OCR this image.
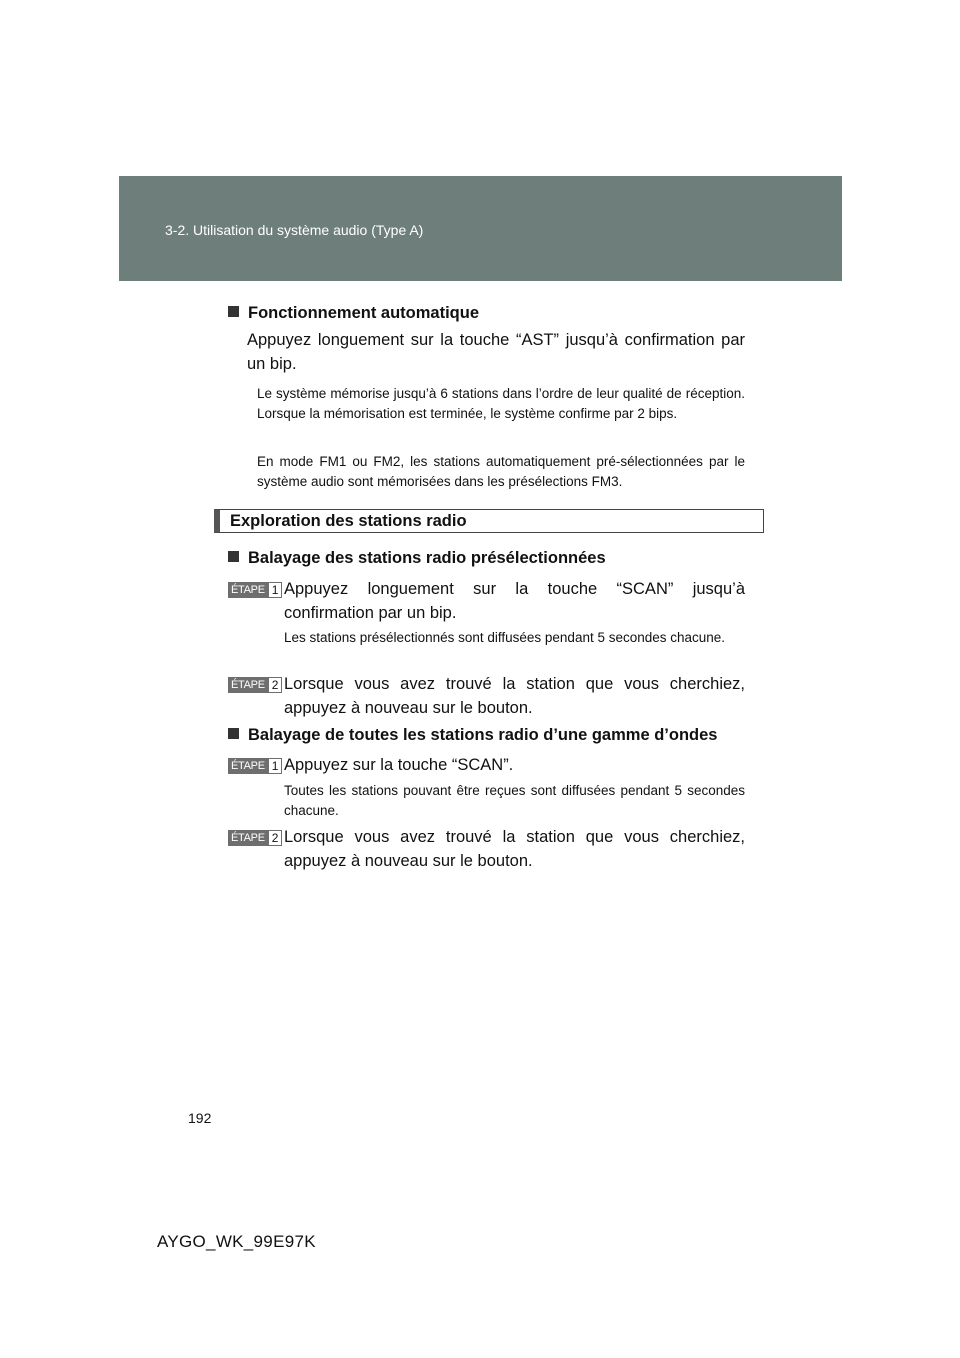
3-2. Utilisation du système audio (Type A)
Fonctionnement automatique
Appuyez longuement sur la touche “AST” jusqu’à confirmation par un bip.
Le système mémorise jusqu’à 6 stations dans l’ordre de leur qualité de réception. Lorsque la mémorisation est terminée, le système confirme par 2 bips.
En mode FM1 ou FM2, les stations automatiquement pré-sélectionnées par le système audio sont mémorisées dans les présélections FM3.
Exploration des stations radio
Balayage des stations radio présélectionnées
ÉTAPE 1 Appuyez longuement sur la touche “SCAN” jusqu’à confirmation par un bip.
Les stations présélectionnés sont diffusées pendant 5 secondes chacune.
ÉTAPE 2 Lorsque vous avez trouvé la station que vous cherchiez, appuyez à nouveau sur le bouton.
Balayage de toutes les stations radio d’une gamme d’ondes
ÉTAPE 1 Appuyez sur la touche “SCAN”.
Toutes les stations pouvant être reçues sont diffusées pendant 5 secondes chacune.
ÉTAPE 2 Lorsque vous avez trouvé la station que vous cherchiez, appuyez à nouveau sur le bouton.
192
AYGO_WK_99E97K
